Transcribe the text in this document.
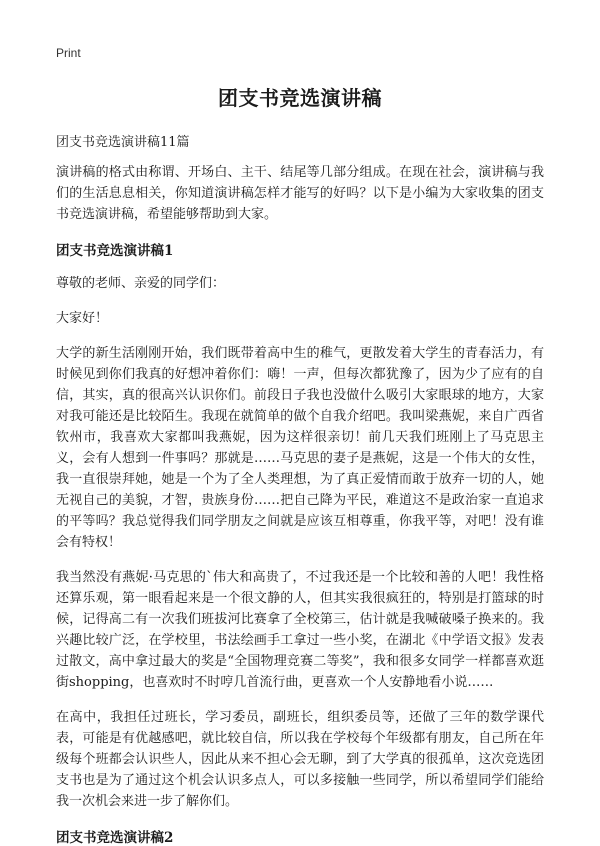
Print
团支书竞选演讲稿
团支书竞选演讲稿11篇

演讲稿的格式由称谓、开场白、主干、结尾等几部分组成。在现在社会，演讲稿与我们的生活息息相关，你知道演讲稿怎样才能写的好吗？以下是小编为大家收集的团支书竞选演讲稿，希望能够帮助到大家。

团支书竞选演讲稿1

尊敬的老师、亲爱的同学们：

大家好！

大学的新生活刚刚开始，我们既带着高中生的稚气，更散发着大学生的青春活力，有时候见到你们我真的好想冲着你们：嗨！一声，但每次都犹豫了，因为少了应有的自信，其实，真的很高兴认识你们。前段日子我也没做什么吸引大家眼球的地方，大家对我可能还是比较陌生。我现在就简单的做个自我介绍吧。我叫梁燕妮，来自广西省钦州市，我喜欢大家都叫我燕妮，因为这样很亲切！前几天我们班刚上了马克思主义，会有人想到一件事吗？那就是……马克思的妻子是燕妮，这是一个伟大的女性，我一直很崇拜她，她是一个为了全人类理想，为了真正爱情而敢于放弃一切的人，她无视自己的美貌，才智，贵族身份……把自己降为平民，难道这不是政治家一直追求的平等吗？我总觉得我们同学朋友之间就是应该互相尊重，你我平等，对吧！没有谁会有特权！

我当然没有燕妮·马克思的`伟大和高贵了，不过我还是一个比较和善的人吧！我性格还算乐观，第一眼看起来是一个很文静的人，但其实我很疯狂的，特别是打篮球的时候，记得高二有一次我们班拔河比赛拿了全校第三，估计就是我喊破嗓子换来的。我兴趣比较广泛，在学校里，书法绘画手工拿过一些小奖，在湖北《中学语文报》发表过散文，高中拿过最大的奖是“全国物理竞赛二等奖”，我和很多女同学一样都喜欢逛街shopping，也喜欢时不时哼几首流行曲，更喜欢一个人安静地看小说……

在高中，我担任过班长，学习委员，副班长，组织委员等，还做了三年的数学课代表，可能是有优越感吧，就比较自信，所以我在学校每个年级都有朋友，自己所在年级每个班都会认识些人，因此从来不担心会无聊，到了大学真的很孤单，这次竞选团支书也是为了通过这个机会认识多点人，可以多接触一些同学，所以希望同学们能给我一次机会来进一步了解你们。

团支书竞选演讲稿2
